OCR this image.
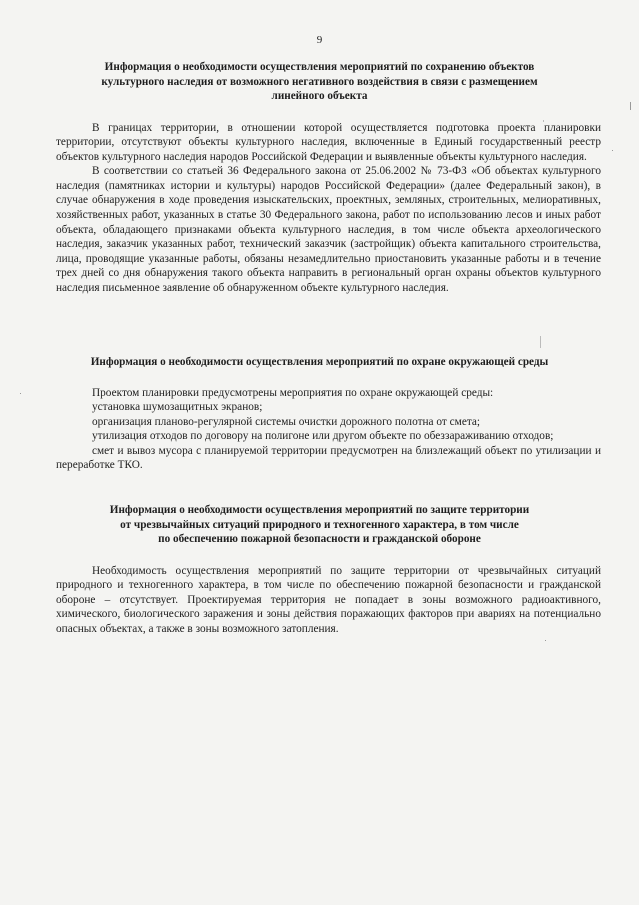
9
Информация о необходимости осуществления мероприятий по сохранению объектов
культурного наследия от возможного негативного воздействия в связи с размещением
линейного объекта

В границах территории, в отношении которой осуществляется подготовка проекта планировки территории, отсутствуют объекты культурного наследия, включенные в Единый государственный реестр объектов культурного наследия народов Российской Федерации и выявленные объекты культурного наследия.

В соответствии со статьей 36 Федерального закона от 25.06.2002 № 73-ФЗ «Об объектах культурного наследия (памятниках истории и культуры) народов Российской Федерации» (далее Федеральный закон), в случае обнаружения в ходе проведения изыскательских, проектных, земляных, строительных, мелиоративных, хозяйственных работ, указанных в статье 30 Федерального закона, работ по использованию лесов и иных работ объекта, обладающего признаками объекта культурного наследия, в том числе объекта археологического наследия, заказчик указанных работ, технический заказчик (застройщик) объекта капитального строительства, лица, проводящие указанные работы, обязаны незамедлительно приостановить указанные работы и в течение трех дней со дня обнаружения такого объекта направить в региональный орган охраны объектов культурного наследия письменное заявление об обнаруженном объекте культурного наследия.

Информация о необходимости осуществления мероприятий по охране окружающей среды
Проектом планировки предусмотрены мероприятия по охране окружающей среды:
установка шумозащитных экранов;
организация планово-регулярной системы очистки дорожного полотна от смета;
утилизация отходов по договору на полигоне или другом объекте по обеззараживанию отходов;
смет и вывоз мусора с планируемой территории предусмотрен на близлежащий объект по утилизации и переработке ТКО.
Информация о необходимости осуществления мероприятий по защите территории
от чрезвычайных ситуаций природного и техногенного характера, в том числе
по обеспечению пожарной безопасности и гражданской обороне

Необходимость осуществления мероприятий по защите территории от чрезвычайных ситуаций природного и техногенного характера, в том числе по обеспечению пожарной безопасности и гражданской обороне – отсутствует. Проектируемая территория не попадает в зоны возможного радиоактивного, химического, биологического заражения и зоны действия поражающих факторов при авариях на потенциально опасных объектах, а также в зоны возможного затопления.
